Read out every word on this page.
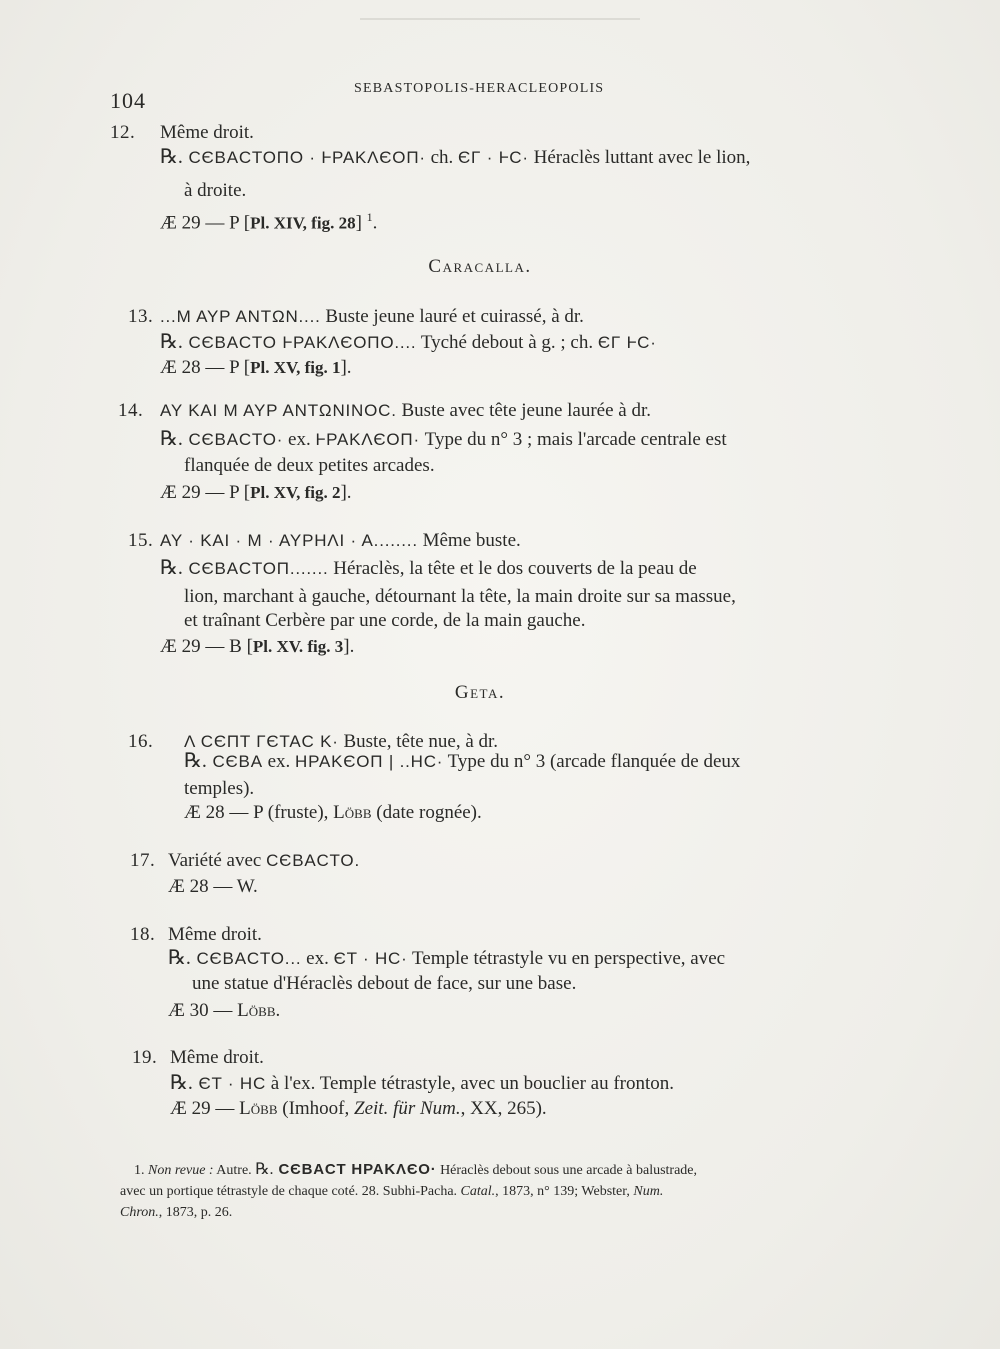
104	SEBASTOPOLIS-HERACLEOPOLIS
12. Même droit.
℞. CЄBACTOПO · ⱵPAKΛЄOП· ch. ЄΓ · ⱵC· Héraclès luttant avec le lion,
à droite.
Æ 29 — P [Pl. XIV, fig. 28] $^1$.
Caracalla.
13. ...M AYP ANTΩN.... Buste jeune lauré et cuirassé, à dr.
℞. CЄBACTO ⱵPAKΛЄOПO.... Tyché debout à g. ; ch. ЄΓ ⱵC·
Æ 28 — P [Pl. XV, fig. 1].
14. AY KAI M AYP ANTΩNINOC. Buste avec tête jeune laurée à dr.
℞. CЄBACTO· ex. ⱵPAKΛЄOП· Type du n° 3 ; mais l'arcade centrale est
flanquée de deux petites arcades.
Æ 29 — P [Pl. XV, fig. 2].
15. AY · KAI · M · AYPHΛI · A........ Même buste.
℞. CЄBACTOП....... Héraclès, la tête et le dos couverts de la peau de
lion, marchant à gauche, détournant la tête, la main droite sur sa massue,
et traînant Cerbère par une corde, de la main gauche.
Æ 29 — B [Pl. XV. fig. 3].
Geta.
16. Λ CЄПT ΓЄTAC K· Buste, tête nue, à dr.
℞. CЄBA ex. HPAKЄOП | ..HC· Type du n° 3 (arcade flanquée de deux
temples).
Æ 28 — P (fruste), Löbb (date rognée).
17. Variété avec CЄBACTO.
Æ 28 — W.
18. Même droit.
℞. CЄBACTO... ex. ЄT · HC· Temple tétrastyle vu en perspective, avec
une statue d'Héraclès debout de face, sur une base.
Æ 30 — Löbb.
19. Même droit.
℞. ЄT · HC à l'ex. Temple tétrastyle, avec un bouclier au fronton.
Æ 29 — Löbb (Imhoof, Zeit. für Num., XX, 265).
1. Non revue : Autre. ℞. CЄBACT HPAKΛЄO· Héraclès debout sous une arcade à balustrade,
avec un portique tétrastyle de chaque coté. 28. Subhi-Pacha. Catal., 1873, n° 139; Webster, Num.
Chron., 1873, p. 26.
